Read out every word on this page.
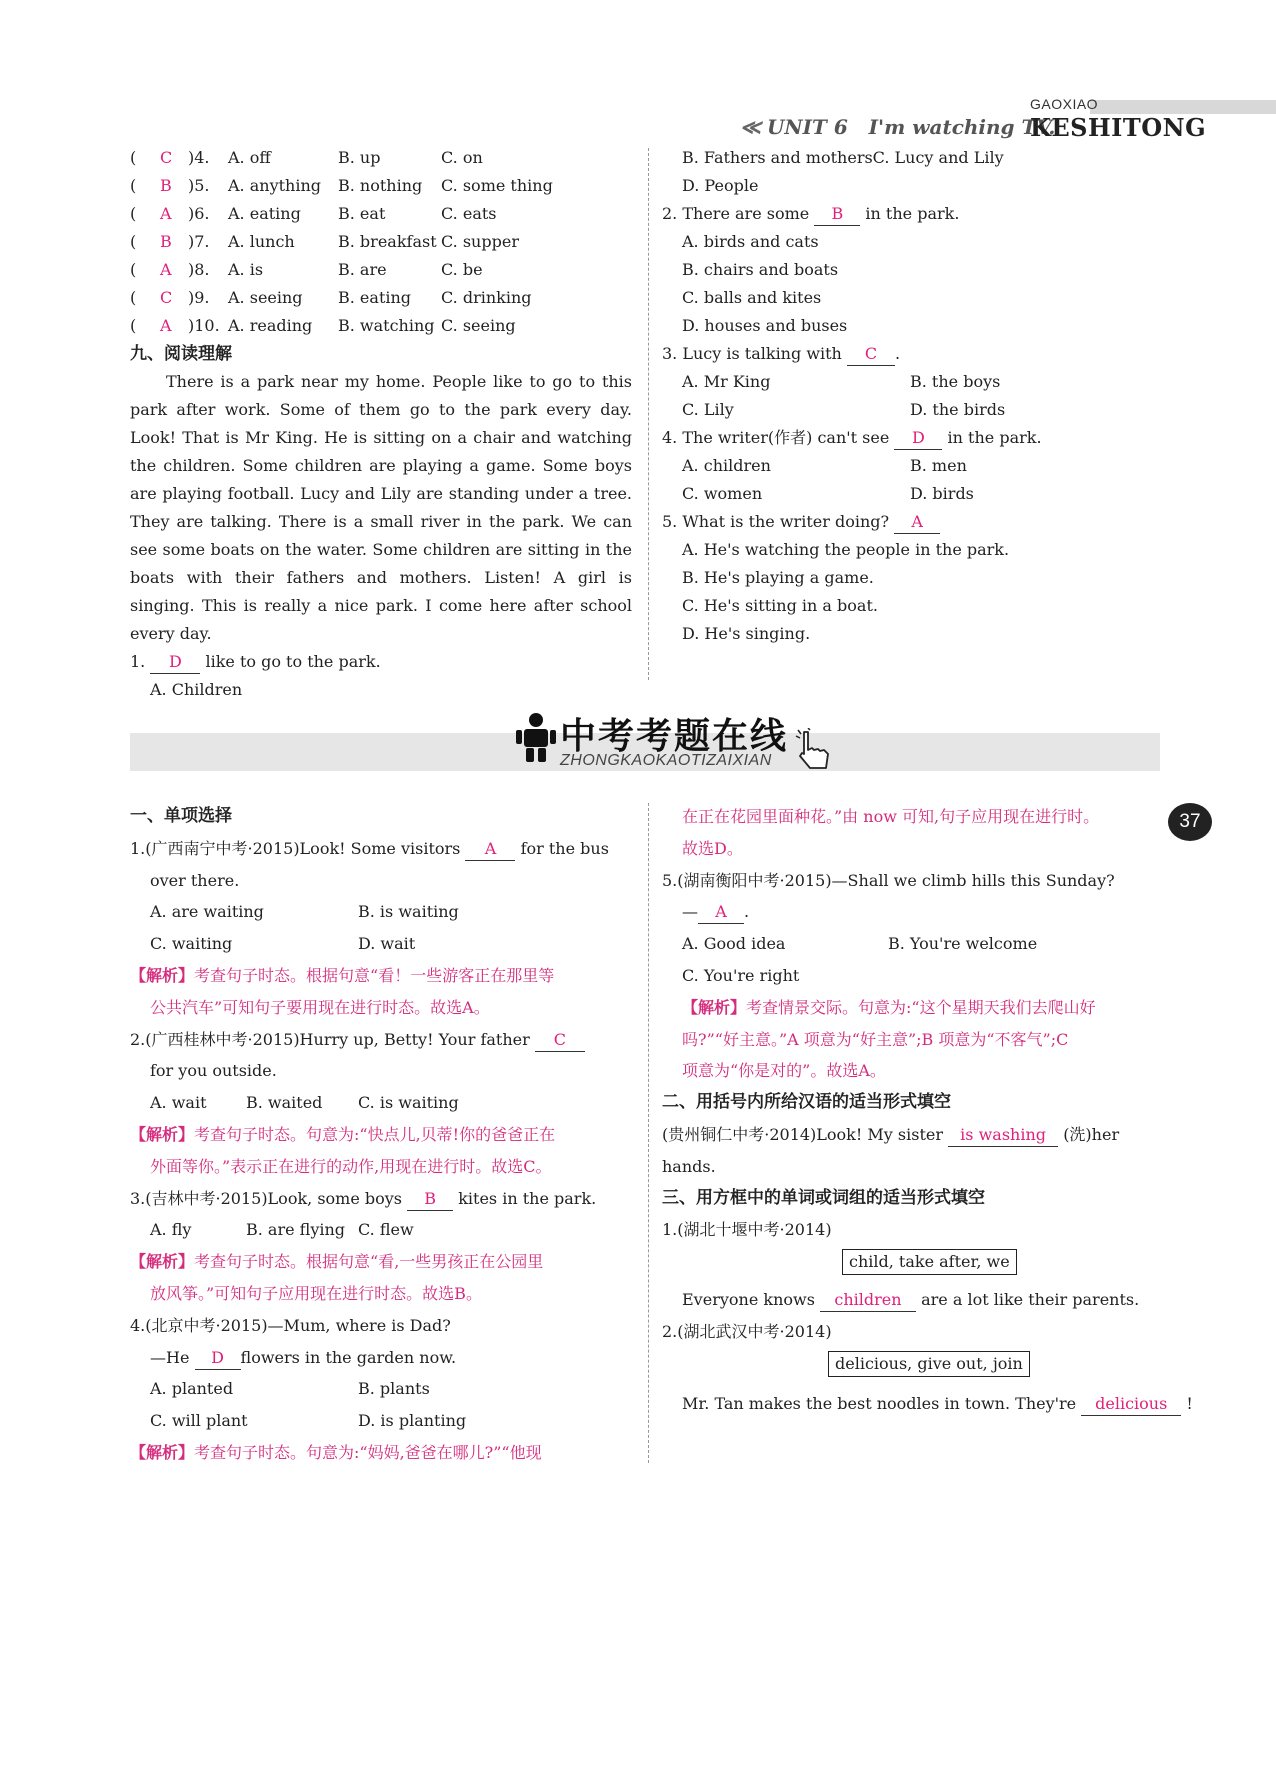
GAOXIAO
≪ UNIT 6 I'm watching TV.
KESHITONG
(	C )4.	A. off	B. up	C. on
(	B	)5.	A. anything	B. nothing	C. some thing
(	A	)6.	A. eating	B. eat	C. eats
(	B	)7.	A. lunch	B. breakfast C. supper
(	A	)8.	A. is	B. are	C. be
(	C )9.	A. seeing	B. eating	C. drinking
(	A	)10. A. reading	B. watching C. seeing
九、阅读理解
There is a park near my home. People like to go to this park after work. Some of them go to the park every day. Look! That is Mr King. He is sitting on a chair and watching the children. Some children are playing a game. Some boys are playing football. Lucy and Lily are standing under a tree. They are talking. There is a small river in the park. We can see some boats on the water. Some children are sitting in the boats with their fathers and mothers. Listen! A girl is singing. This is really a nice park. I come here after school every day.
1. D like to go to the park.
A. Children
B. Fathers and mothersC. Lucy and Lily
D. People
2. There are some B in the park.
A. birds and cats
B. chairs and boats
C. balls and kites
D. houses and buses
3. Lucy is talking with C .
A. Mr King	B. the boys
C. Lily	D. the birds
4. The writer(作者) can't see D in the park.
A. children	B. men
C. women	D. birds
5. What is the writer doing? A
A. He's watching the people in the park.
B. He's playing a game.
C. He's sitting in a boat.
D. He's singing.
中考考题在线
ZHONGKAOKAOTIZAIXIAN
37
一、单项选择
1.(广西南宁中考·2015)Look! Some visitors A for the bus
over there.
A. are waiting	B. is waiting
C. waiting	D. wait
【解析】考查句子时态。根据句意“看！一些游客正在那里等
公共汽车”可知句子要用现在进行时态。故选A。
2.(广西桂林中考·2015)Hurry up, Betty! Your father C
for you outside.
A. wait	B. waited	C. is waiting
【解析】考查句子时态。句意为:“快点儿,贝蒂!你的爸爸正在
外面等你。”表示正在进行的动作,用现在进行时。故选C。
3.(吉林中考·2015)Look, some boys B kites in the park.
A. fly	B. are flying C. flew
【解析】考查句子时态。根据句意“看,一些男孩正在公园里
放风筝。”可知句子应用现在进行时态。故选B。
4.(北京中考·2015)—Mum, where is Dad?
—He D flowers in the garden now.
A. planted	B. plants
C. will plant	D. is planting
【解析】考查句子时态。句意为:“妈妈,爸爸在哪儿?”“他现
在正在花园里面种花。”由 now 可知,句子应用现在进行时。
故选D。
5.(湖南衡阳中考·2015)—Shall we climb hills this Sunday?
— A .
A. Good idea	B. You're welcome
C. You're right
【解析】考查情景交际。句意为:“这个星期天我们去爬山好
吗?”“好主意。”A 项意为“好主意”;B 项意为“不客气”;C
项意为“你是对的”。故选A。
二、用括号内所给汉语的适当形式填空
(贵州铜仁中考·2014)Look! My sister is washing (洗)her
hands.
三、用方框中的单词或词组的适当形式填空
1.(湖北十堰中考·2014)
child, take after, we
Everyone knows children are a lot like their parents.
2.(湖北武汉中考·2014)
delicious, give out, join
Mr. Tan makes the best noodles in town. They're delicious !
